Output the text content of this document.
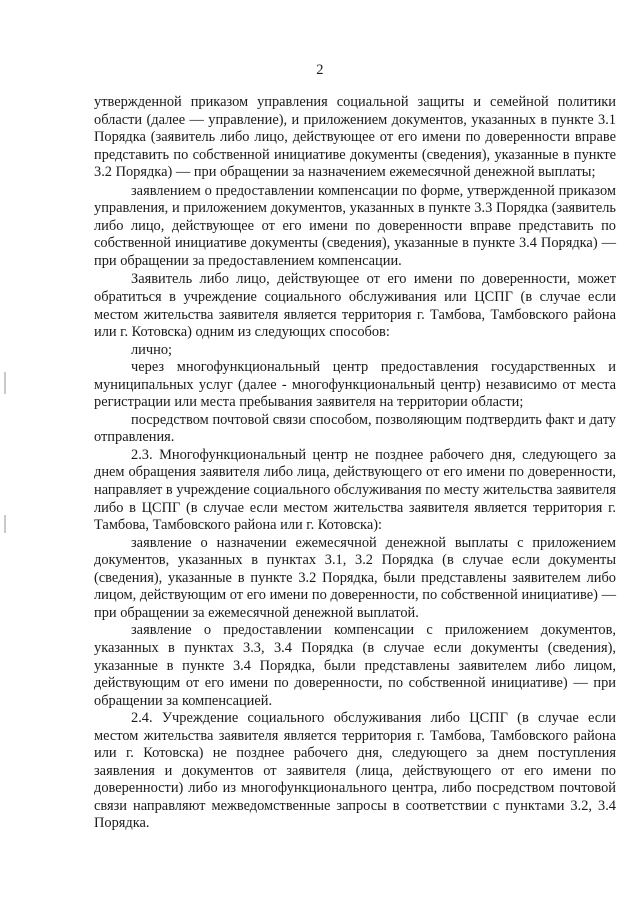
2

утвержденной приказом управления социальной защиты и семейной политики области (далее — управление), и приложением документов, указанных в пункте 3.1 Порядка (заявитель либо лицо, действующее от его имени по доверенности вправе представить по собственной инициативе документы (сведения), указанные в пункте 3.2 Порядка) — при обращении за назначением ежемесячной денежной выплаты;

заявлением о предоставлении компенсации по форме, утвержденной приказом управления, и приложением документов, указанных в пункте 3.3 Порядка (заявитель либо лицо, действующее от его имени по доверенности вправе представить по собственной инициативе документы (сведения), указанные в пункте 3.4 Порядка) — при обращении за предоставлением компенсации.

Заявитель либо лицо, действующее от его имени по доверенности, может обратиться в учреждение социального обслуживания или ЦСПГ (в случае если местом жительства заявителя является территория г. Тамбова, Тамбовского района или г. Котовска) одним из следующих способов:

лично;

через многофункциональный центр предоставления государственных и муниципальных услуг (далее - многофункциональный центр) независимо от места регистрации или места пребывания заявителя на территории области;

посредством почтовой связи способом, позволяющим подтвердить факт и дату отправления.

2.3. Многофункциональный центр не позднее рабочего дня, следующего за днем обращения заявителя либо лица, действующего от его имени по доверенности, направляет в учреждение социального обслуживания по месту жительства заявителя либо в ЦСПГ (в случае если местом жительства заявителя является территория г. Тамбова, Тамбовского района или г. Котовска):

заявление о назначении ежемесячной денежной выплаты с приложением документов, указанных в пунктах 3.1, 3.2 Порядка (в случае если документы (сведения), указанные в пункте 3.2 Порядка, были представлены заявителем либо лицом, действующим от его имени по доверенности, по собственной инициативе) — при обращении за ежемесячной денежной выплатой.

заявление о предоставлении компенсации с приложением документов, указанных в пунктах 3.3, 3.4 Порядка (в случае если документы (сведения), указанные в пункте 3.4 Порядка, были представлены заявителем либо лицом, действующим от его имени по доверенности, по собственной инициативе) — при обращении за компенсацией.

2.4. Учреждение социального обслуживания либо ЦСПГ (в случае если местом жительства заявителя является территория г. Тамбова, Тамбовского района или г. Котовска) не позднее рабочего дня, следующего за днем поступления заявления и документов от заявителя (лица, действующего от его имени по доверенности) либо из многофункционального центра, либо посредством почтовой связи направляют межведомственные запросы в соответствии с пунктами 3.2, 3.4 Порядка.
